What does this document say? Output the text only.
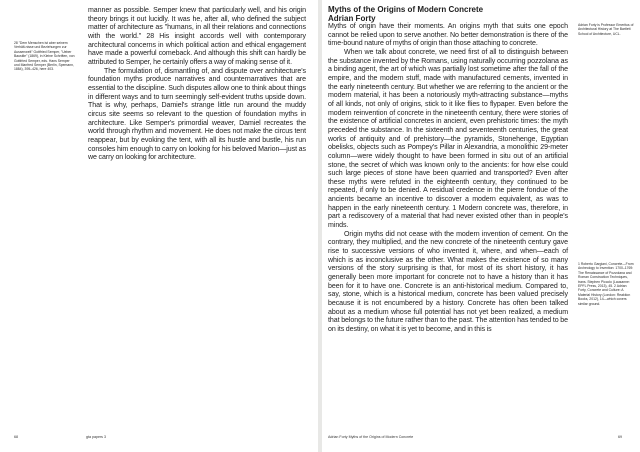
28 "Dem Menschen ist aber seinem Verhält-nisse und Beziehungen zur Aussenwelt" Gottfried Semper, "Ueber Baustile" (1869), in Kleine Schriften, von Gottfried Semper, eds. Hans Semper und Manfred Semper (Berlin, Spemann, 1884), 395–426, here 403.

manner as possible. Semper knew that particularly well, and his origin theory brings it out lucidly. It was he, after all, who defined the subject matter of architecture as "humans, in all their relations and connections with the world." 28 His insight accords well with contemporary architectural concerns in which political action and ethical engagement have made a powerful comeback. And although this shift can hardly be attributed to Semper, he certainly offers a way of making sense of it.

The formulation of, dismantling of, and dispute over architecture's foundation myths produce narratives and counternarratives that are essential to the discipline. Such disputes allow one to think about things in different ways and to turn seemingly self-evident truths upside down. That is why, perhaps, Damiel's strange little run around the muddy circus site seems so relevant to the question of foundation myths in architecture. Like Semper's primordial weaver, Damiel recreates the world through rhythm and movement. He does not make the circus tent reappear, but by evoking the tent, with all its hustle and bustle, his run consoles him enough to carry on looking for his beloved Marion—just as we carry on looking for architecture.

68	gta papers 3
Myths of the Origins of Modern Concrete
Adrian Forty

Adrian Forty is Professor Emeritus of Architectural History at The Bartlett School of Architecture, UCL.

1 Roberto Gargiani, Concrete—From Archeology to Invention: 1700–1769: The Renaissance of Pozzolana and Roman Construction Techniques, trans. Stephen Piccolo (Lausanne: EPFL Press, 2013), 45. 2 Adrian Forty, Concrete and Culture: A Material History (London: Reaktion Books, 2012), 14—which covers similar ground.

Myths of origin have their moments. An origins myth that suits one epoch cannot be relied upon to serve another. No better demonstration is there of the time-bound nature of myths of origin than those attaching to concrete.

When we talk about concrete, we need first of all to distinguish between the substance invented by the Romans, using naturally occurring pozzolana as a binding agent, the art of which was partially lost sometime after the fall of the empire, and the modern stuff, made with manufactured cements, invented in the early nineteenth century. But whether we are referring to the ancient or the modern material, it has been a notoriously myth-attracting substance—myths of all kinds, not only of origins, stick to it like flies to flypaper. Even before the modern reinvention of concrete in the nineteenth century, there were stories of the existence of artificial concretes in ancient, even prehistoric times: the myth preceded the substance. In the sixteenth and seventeenth centuries, the great works of antiquity and of prehistory—the pyramids, Stonehenge, Egyptian obelisks, objects such as Pompey's Pillar in Alexandria, a monolithic 29-meter column—were widely thought to have been formed in situ out of an artificial stone, the secret of which was known only to the ancients: for how else could such large pieces of stone have been quarried and transported? Even after these myths were refuted in the eighteenth century, they continued to be repeated, if only to be denied. A residual credence in the pierre fondue of the ancients became an incentive to discover a modern equivalent, as was to happen in the early nineteenth century. 1 Modern concrete was, therefore, in part a rediscovery of a material that had never existed other than in people's minds.

Origin myths did not cease with the modern invention of cement. On the contrary, they multiplied, and the new concrete of the nineteenth century gave rise to successive versions of who invented it, where, and when—each of which is as inconclusive as the other. What makes the existence of so many versions of the story surprising is that, for most of its short history, it has generally been more important for concrete not to have a history than it has been for it to have one. Concrete is an anti-historical medium. Compared to, say, stone, which is a historical medium, concrete has been valued precisely because it is not encumbered by a history. Concrete has often been talked about as a medium whose full potential has not yet been realized, a medium that belongs to the future rather than to the past. The attention has tended to be on its destiny, on what it is yet to become, and in this is

Adrian Forty Myths of the Origins of Modern Concrete	69
